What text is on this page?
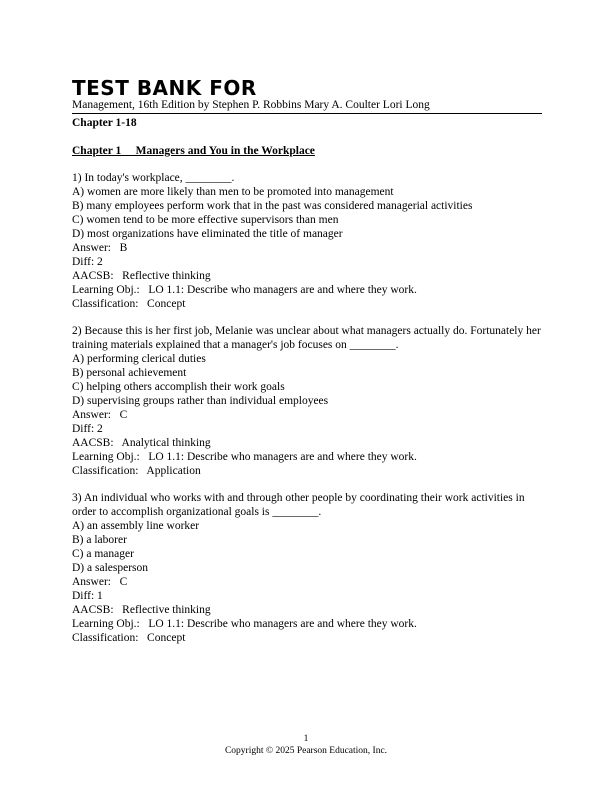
TEST BANK FOR
Management, 16th Edition by Stephen P. Robbins Mary A. Coulter Lori Long
Chapter 1-18
Chapter 1     Managers and You in the Workplace
1) In today's workplace, ________.
A) women are more likely than men to be promoted into management
B) many employees perform work that in the past was considered managerial activities
C) women tend to be more effective supervisors than men
D) most organizations have eliminated the title of manager
Answer:   B
Diff: 2
AACSB:   Reflective thinking
Learning Obj.:   LO 1.1: Describe who managers are and where they work.
Classification:   Concept
2) Because this is her first job, Melanie was unclear about what managers actually do. Fortunately her training materials explained that a manager's job focuses on ________.
A) performing clerical duties
B) personal achievement
C) helping others accomplish their work goals
D) supervising groups rather than individual employees
Answer:   C
Diff: 2
AACSB:   Analytical thinking
Learning Obj.:   LO 1.1: Describe who managers are and where they work.
Classification:   Application
3) An individual who works with and through other people by coordinating their work activities in order to accomplish organizational goals is ________.
A) an assembly line worker
B) a laborer
C) a manager
D) a salesperson
Answer:   C
Diff: 1
AACSB:   Reflective thinking
Learning Obj.:   LO 1.1: Describe who managers are and where they work.
Classification:   Concept
1
Copyright © 2025 Pearson Education, Inc.
